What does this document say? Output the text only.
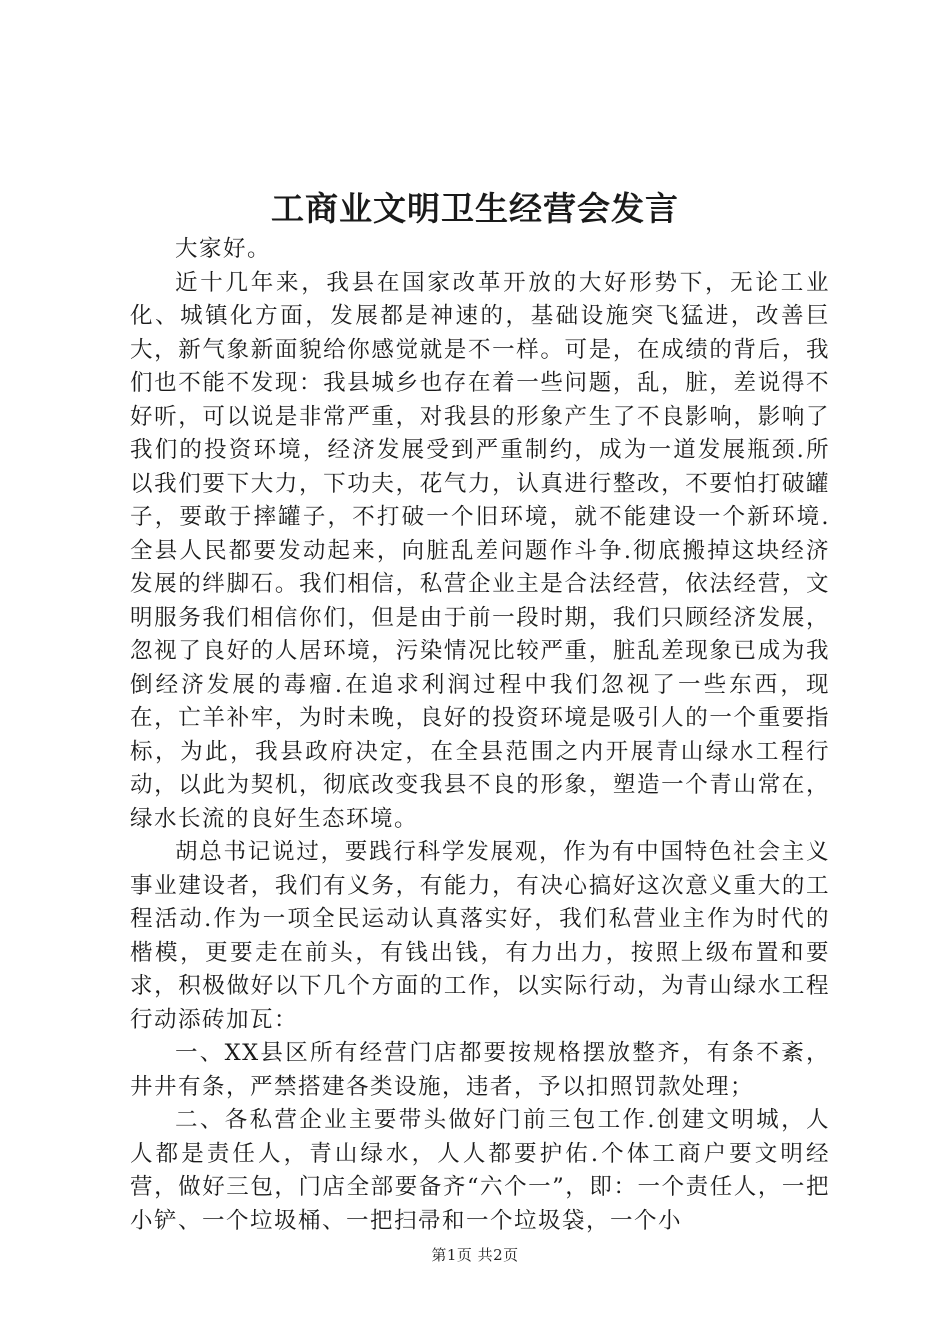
工商业文明卫生经营会发言

大家好。

近十几年来，我县在国家改革开放的大好形势下，无论工业化、城镇化方面，发展都是神速的，基础设施突飞猛进，改善巨大，新气象新面貌给你感觉就是不一样。可是，在成绩的背后，我们也不能不发现：我县城乡也存在着一些问题，乱，脏，差说得不好听，可以说是非常严重，对我县的形象产生了不良影响，影响了我们的投资环境，经济发展受到严重制约，成为一道发展瓶颈.所以我们要下大力，下功夫，花气力，认真进行整改，不要怕打破罐子，要敢于摔罐子，不打破一个旧环境，就不能建设一个新环境.全县人民都要发动起来，向脏乱差问题作斗争.彻底搬掉这块经济发展的绊脚石。我们相信，私营企业主是合法经营，依法经营，文明服务我们相信你们，但是由于前一段时期，我们只顾经济发展，忽视了良好的人居环境，污染情况比较严重，脏乱差现象已成为我倒经济发展的毒瘤.在追求利润过程中我们忽视了一些东西，现在，亡羊补牢，为时未晚，良好的投资环境是吸引人的一个重要指标，为此，我县政府决定，在全县范围之内开展青山绿水工程行动，以此为契机，彻底改变我县不良的形象，塑造一个青山常在，绿水长流的良好生态环境。

胡总书记说过，要践行科学发展观，作为有中国特色社会主义事业建设者，我们有义务，有能力，有决心搞好这次意义重大的工程活动.作为一项全民运动认真落实好，我们私营业主作为时代的楷模，更要走在前头，有钱出钱，有力出力，按照上级布置和要求，积极做好以下几个方面的工作，以实际行动，为青山绿水工程行动添砖加瓦：

一、XX县区所有经营门店都要按规格摆放整齐，有条不紊，井井有条，严禁搭建各类设施，违者，予以扣照罚款处理；

二、各私营企业主要带头做好门前三包工作.创建文明城，人人都是责任人，青山绿水，人人都要护佑.个体工商户要文明经营，做好三包，门店全部要备齐“六个一”，即：一个责任人，一把小铲、一个垃圾桶、一把扫帚和一个垃圾袋，一个小

第1页 共2页
